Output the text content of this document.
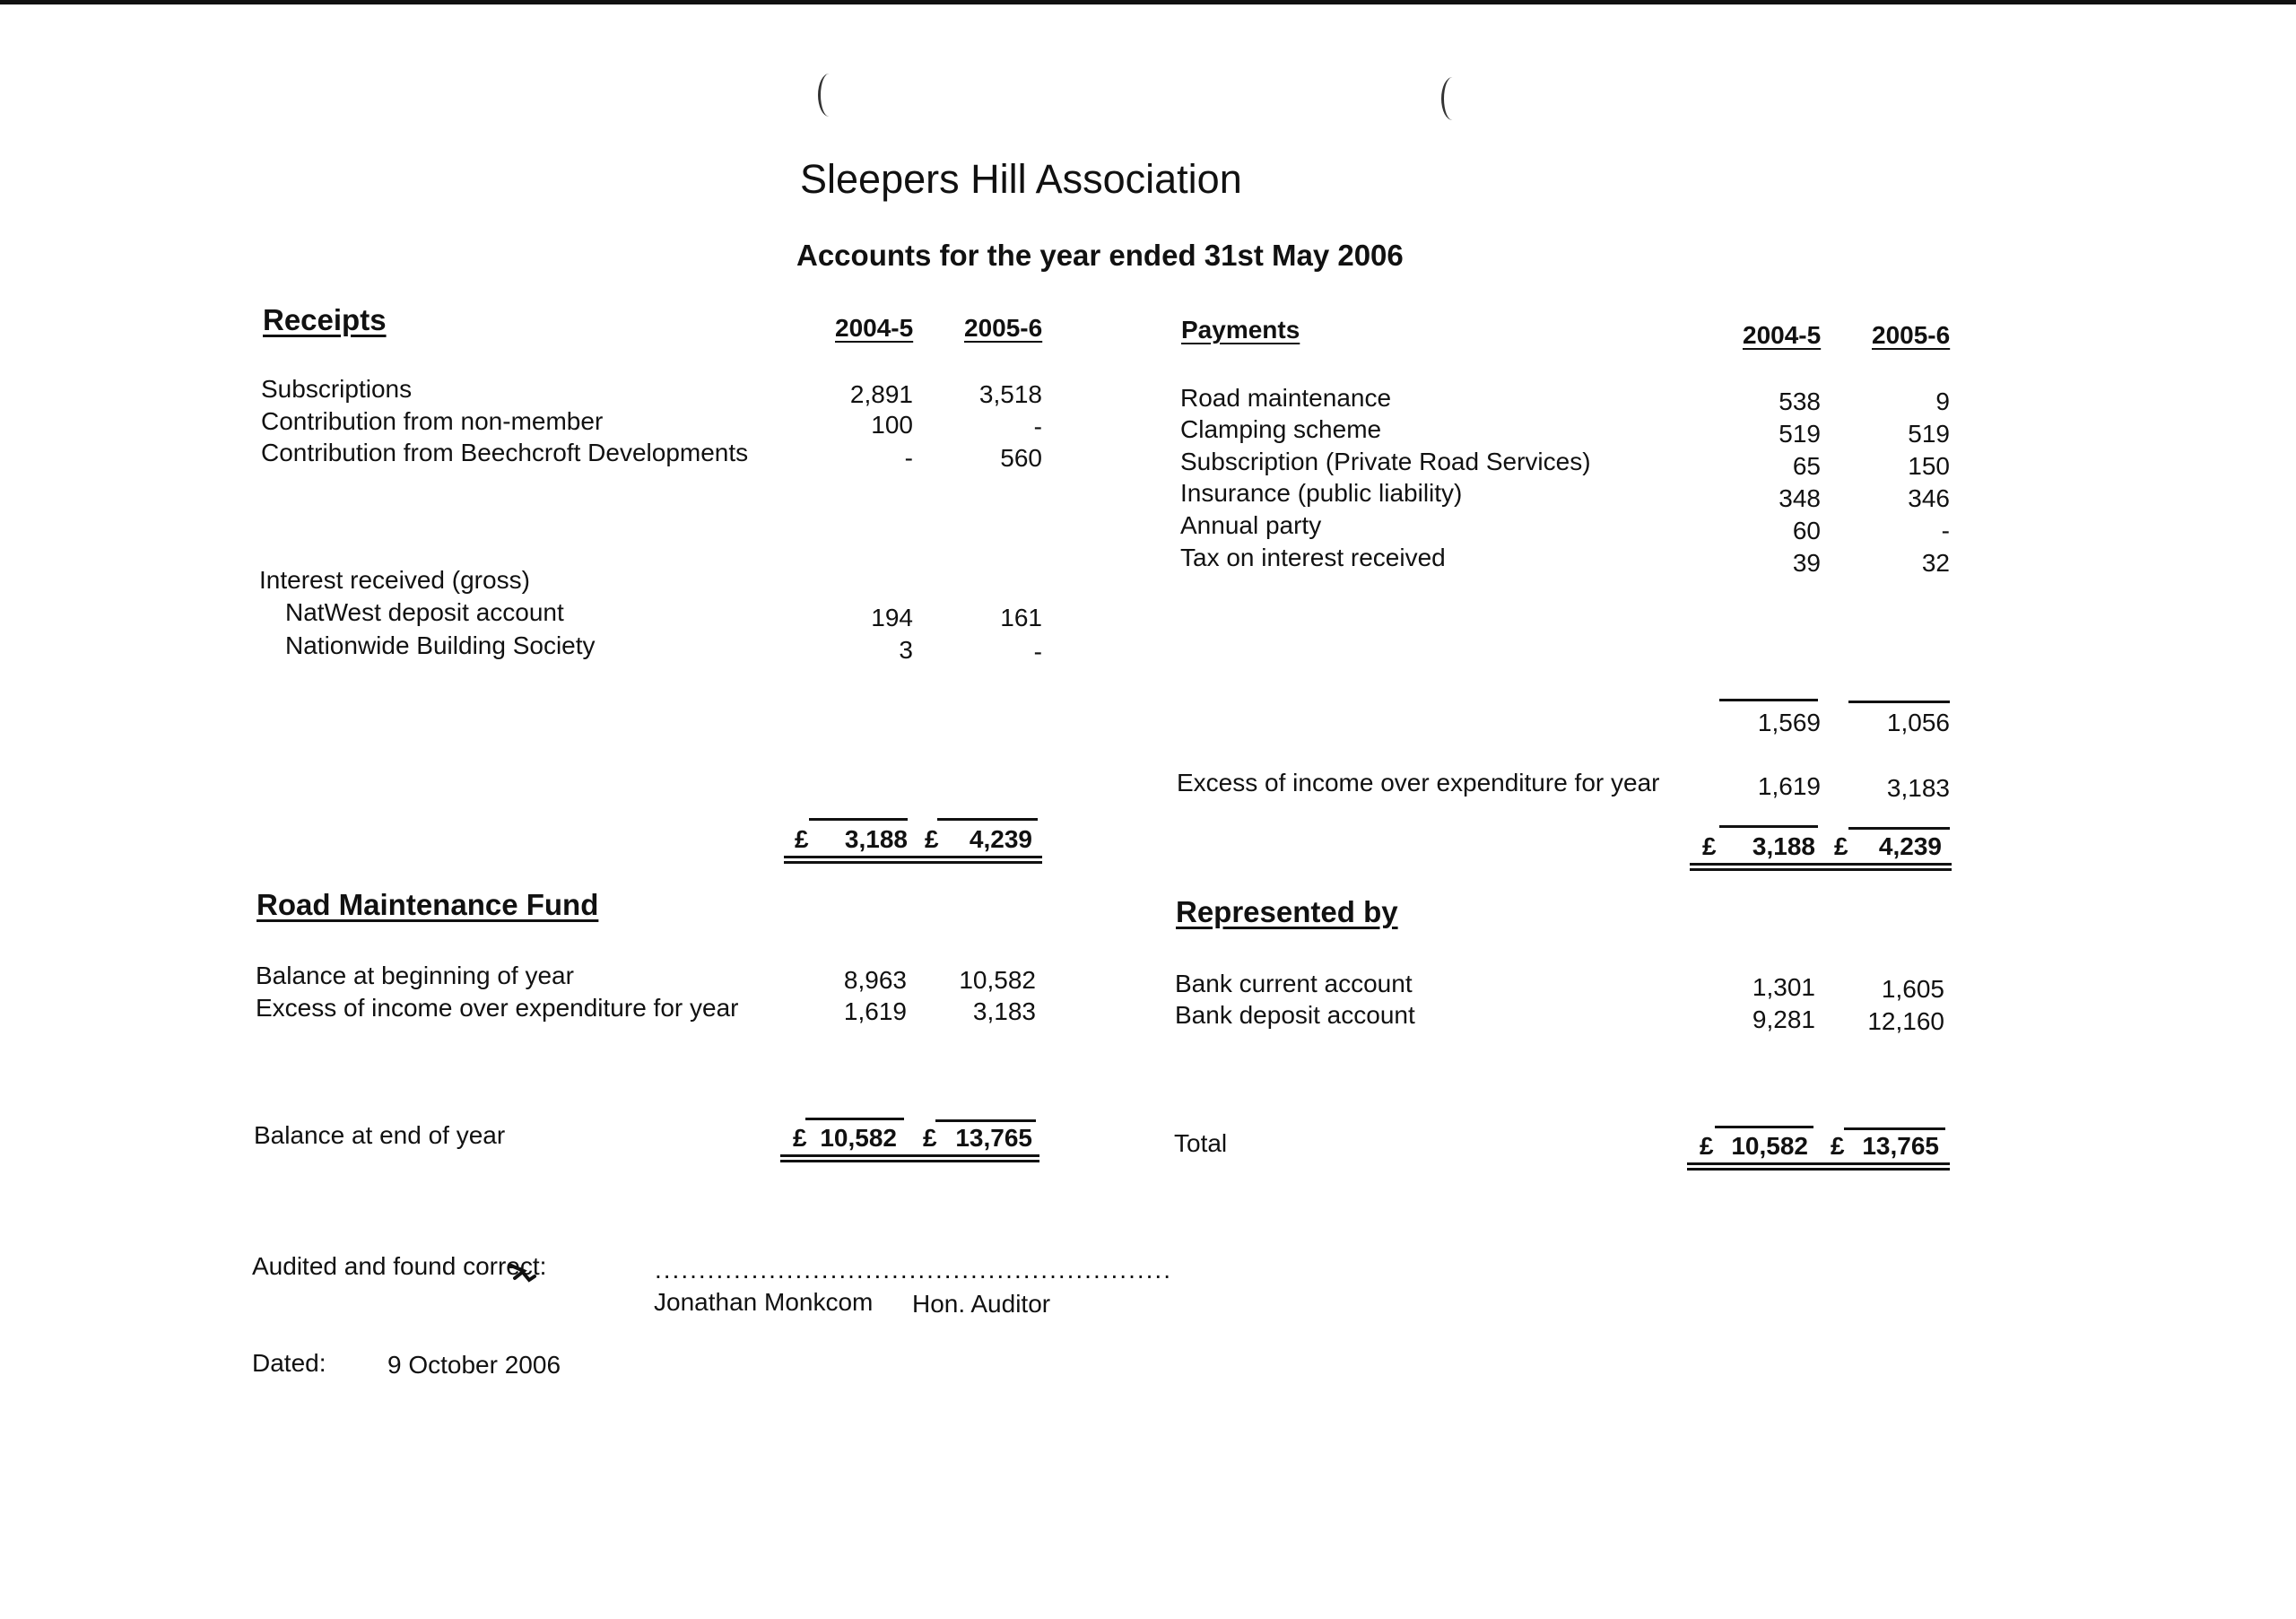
Sleepers Hill Association
Accounts for the year ended 31st May 2006
Receipts	2004-5 2005-6
Subscriptions	2,891	3,518
Contribution from non-member	100	-
Contribution from Beechcroft Developments	-	560
Interest received (gross)
NatWest deposit account	194	161
Nationwide Building Society	3	-
£ 3,188 £ 4,239
Payments	2004-5 2005-6
Road maintenance	538	9
Clamping scheme	519	519
Subscription (Private Road Services)	65	150
Insurance (public liability)	348	346
Annual party	60	-
Tax on interest received	39	32
1,569	1,056
Excess of income over expenditure for year	1,619	3,183
£ 3,188 £ 4,239
Road Maintenance Fund
Balance at beginning of year	8,963	10,582
Excess of income over expenditure for year	1,619	3,183
Balance at end of year	£ 10,582 £ 13,765
Represented by
Bank current account	1,301	1,605
Bank deposit account	9,281	12,160
Total	£ 10,582 £ 13,765
Audited and found correct:	...........................................................
Jonathan Monkcom Hon. Auditor
Dated: 9 October 2006
